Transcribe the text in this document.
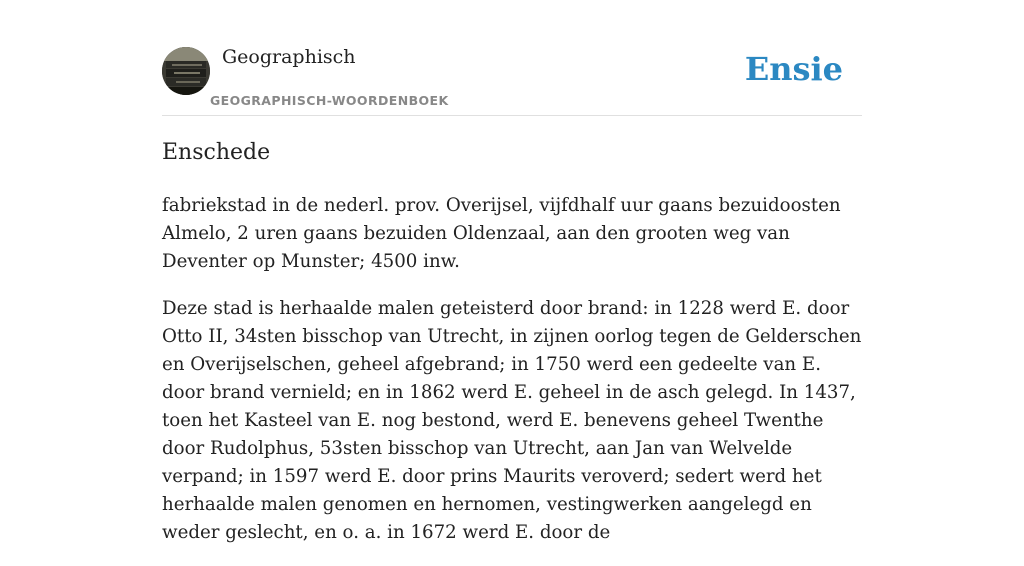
Geographisch
GEOGRAPHISCH-WOORDENBOEK
Ensie
Enschede

fabriekstad in de nederl. prov. Overijsel, vijfdhalf uur gaans bezuidoosten Almelo, 2 uren gaans bezuiden Oldenzaal, aan den grooten weg van Deventer op Munster; 4500 inw.

Deze stad is herhaalde malen geteisterd door brand: in 1228 werd E. door Otto II, 34sten bisschop van Utrecht, in zijnen oorlog tegen de Gelderschen en Overijselschen, geheel afgebrand; in 1750 werd een gedeelte van E. door brand vernield; en in 1862 werd E. geheel in de asch gelegd. In 1437, toen het Kasteel van E. nog bestond, werd E. benevens geheel Twenthe door Rudolphus, 53sten bisschop van Utrecht, aan Jan van Welvelde verpand; in 1597 werd E. door prins Maurits veroverd; sedert werd het herhaalde malen genomen en hernomen, vestingwerken aangelegd en weder geslecht, en o. a. in 1672 werd E. door de
